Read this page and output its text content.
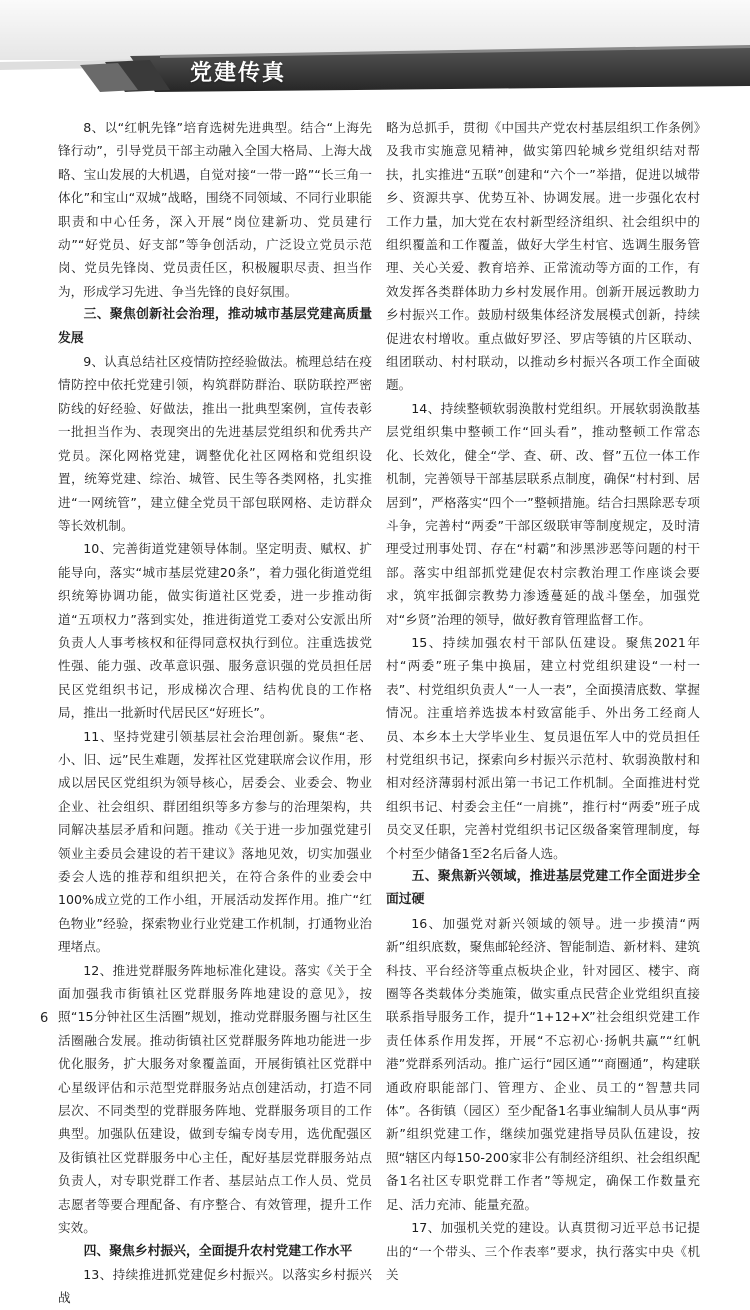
党建传真

8、以“红帆先锋”培育选树先进典型。结合“上海先锋行动”，引导党员干部主动融入全国大格局、上海大战略、宝山发展的大机遇，自觉对接“一带一路”“长三角一体化”和宝山“双城”战略，围绕不同领域、不同行业职能职责和中心任务，深入开展“岗位建新功、党员建行动”“好党员、好支部”等争创活动，广泛设立党员示范岗、党员先锋岗、党员责任区，积极履职尽责、担当作为，形成学习先进、争当先锋的良好氛围。

三、聚焦创新社会治理，推动城市基层党建高质量发展

9、认真总结社区疫情防控经验做法。梳理总结在疫情防控中依托党建引领，构筑群防群治、联防联控严密防线的好经验、好做法，推出一批典型案例，宣传表彰一批担当作为、表现突出的先进基层党组织和优秀共产党员。深化网格党建，调整优化社区网格和党组织设置，统筹党建、综治、城管、民生等各类网格，扎实推进“一网统管”，建立健全党员干部包联网格、走访群众等长效机制。

10、完善街道党建领导体制。坚定明责、赋权、扩能导向，落实“城市基层党建20条”，着力强化街道党组织统筹协调功能，做实街道社区党委，进一步推动街道“五项权力”落到实处，推进街道党工委对公安派出所负责人人事考核权和征得同意权执行到位。注重选拔党性强、能力强、改革意识强、服务意识强的党员担任居民区党组织书记，形成梯次合理、结构优良的工作格局，推出一批新时代居民区“好班长”。

11、坚持党建引领基层社会治理创新。聚焦“老、小、旧、远”民生难题，发挥社区党建联席会议作用，形成以居民区党组织为领导核心，居委会、业委会、物业企业、社会组织、群团组织等多方参与的治理架构，共同解决基层矛盾和问题。推动《关于进一步加强党建引领业主委员会建设的若干建议》落地见效，切实加强业委会人选的推荐和组织把关，在符合条件的业委会中100%成立党的工作小组，开展活动发挥作用。推广“红色物业”经验，探索物业行业党建工作机制，打通物业治理堵点。

12、推进党群服务阵地标准化建设。落实《关于全面加强我市街镇社区党群服务阵地建设的意见》，按照“15分钟社区生活圈”规划，推动党群服务圈与社区生活圈融合发展。推动街镇社区党群服务阵地功能进一步优化服务，扩大服务对象覆盖面，开展街镇社区党群中心星级评估和示范型党群服务站点创建活动，打造不同层次、不同类型的党群服务阵地、党群服务项目的工作典型。加强队伍建设，做到专编专岗专用，选优配强区及街镇社区党群服务中心主任，配好基层党群服务站点负责人，对专职党群工作者、基层站点工作人员、党员志愿者等要合理配备、有序整合、有效管理，提升工作实效。

四、聚焦乡村振兴，全面提升农村党建工作水平

13、持续推进抓党建促乡村振兴。以落实乡村振兴战

略为总抓手，贯彻《中国共产党农村基层组织工作条例》及我市实施意见精神，做实第四轮城乡党组织结对帮扶，扎实推进“五联”创建和“六个一”举措，促进以城带乡、资源共享、优势互补、协调发展。进一步强化农村工作力量，加大党在农村新型经济组织、社会组织中的组织覆盖和工作覆盖，做好大学生村官、选调生服务管理、关心关爱、教育培养、正常流动等方面的工作，有效发挥各类群体助力乡村发展作用。创新开展远教助力乡村振兴工作。鼓励村级集体经济发展模式创新，持续促进农村增收。重点做好罗泾、罗店等镇的片区联动、组团联动、村村联动，以推动乡村振兴各项工作全面破题。

14、持续整顿软弱涣散村党组织。开展软弱涣散基层党组织集中整顿工作“回头看”，推动整顿工作常态化、长效化，健全“学、查、研、改、督”五位一体工作机制，完善领导干部基层联系点制度，确保“村村到、居居到”，严格落实“四个一”整顿措施。结合扫黑除恶专项斗争，完善村“两委”干部区级联审等制度规定，及时清理受过刑事处罚、存在“村霸”和涉黑涉恶等问题的村干部。落实中组部抓党建促农村宗教治理工作座谈会要求，筑牢抵御宗教势力渗透蔓延的战斗堡垒，加强党对“乡贤”治理的领导，做好教育管理监督工作。

15、持续加强农村干部队伍建设。聚焦2021年村“两委”班子集中换届，建立村党组织建设“一村一表”、村党组织负责人“一人一表”，全面摸清底数、掌握情况。注重培养选拔本村致富能手、外出务工经商人员、本乡本土大学毕业生、复员退伍军人中的党员担任村党组织书记，探索向乡村振兴示范村、软弱涣散村和相对经济薄弱村派出第一书记工作机制。全面推进村党组织书记、村委会主任“一肩挑”，推行村“两委”班子成员交叉任职，完善村党组织书记区级备案管理制度，每个村至少储备1至2名后备人选。

五、聚焦新兴领域，推进基层党建工作全面进步全面过硬

16、加强党对新兴领域的领导。进一步摸清“两新”组织底数，聚焦邮轮经济、智能制造、新材料、建筑科技、平台经济等重点板块企业，针对园区、楼宇、商圈等各类载体分类施策，做实重点民营企业党组织直接联系指导服务工作，提升“1+12+X”社会组织党建工作责任体系作用发挥，开展“不忘初心·扬帆共赢”“红帆港”党群系列活动。推广运行“园区通”“商圈通”，构建联通政府职能部门、管理方、企业、员工的“智慧共同体”。各街镇（园区）至少配备1名事业编制人员从事“两新”组织党建工作，继续加强党建指导员队伍建设，按照“辖区内每150-200家非公有制经济组织、社会组织配备1名社区专职党群工作者”等规定，确保工作数量充足、活力充沛、能量充盈。

17、加强机关党的建设。认真贯彻习近平总书记提出的“一个带头、三个作表率”要求，执行落实中央《机关

6
